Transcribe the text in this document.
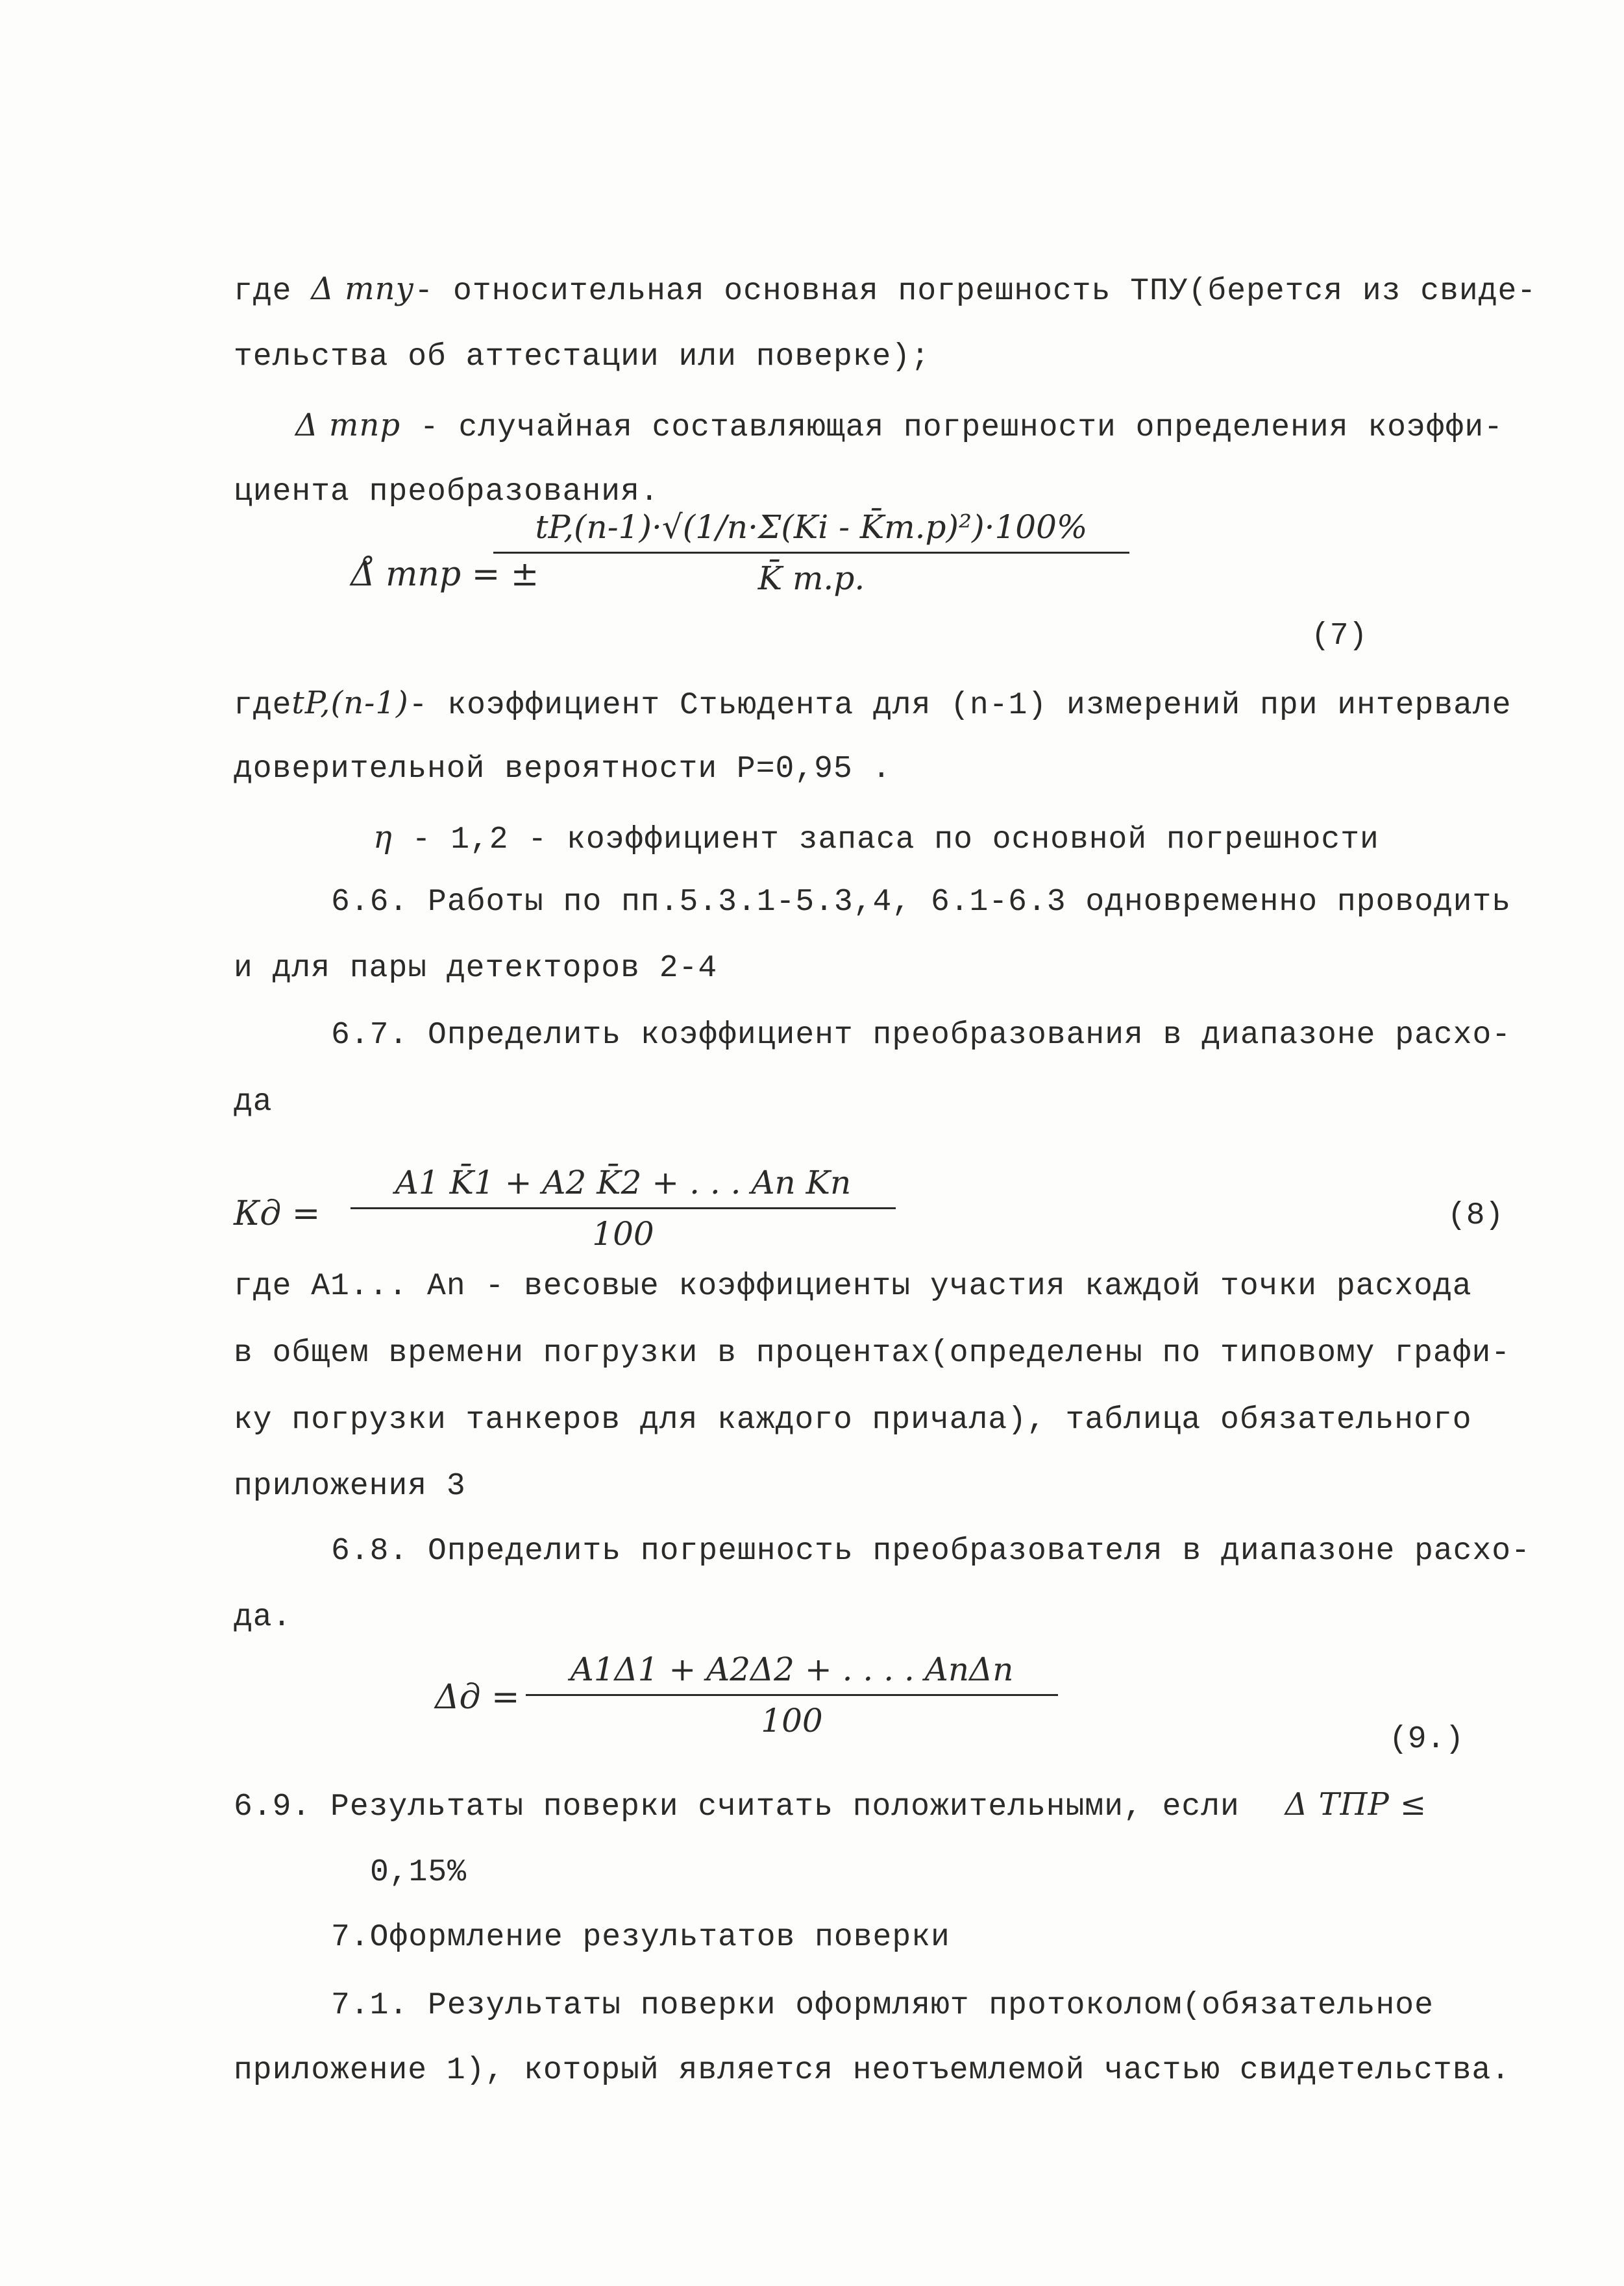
где Δ тпу- относительная основная погрешность ТПУ(берется из свиде-
тельства об аттестации или поверке);
Δ тпр - случайная составляющая погрешности определения коэффи-
циента преобразования.
Δ̊ тпр = ±
tP,(n-1)·√(1/n·Σ(Ki - K̄т.р)²)·100%
K̄ т.р.
(7)
гдеtP,(n-1)- коэффициент Стьюдента для (n-1) измерений при интервале
доверительной вероятности Р=0,95 .
η - 1,2 - коэффициент запаса по основной погрешности
6.6. Работы по пп.5.3.1-5.3,4, 6.1-6.3 одновременно проводить
и для пары детекторов 2-4
6.7. Определить коэффициент преобразования в диапазоне расхо-
да
Кд =
A1 K̄1 + A2 K̄2 + . . . An Kn
100	(8)
где A1... An - весовые коэффициенты участия каждой точки расхода
в общем времени погрузки в процентах(определены по типовому графи-
ку погрузки танкеров для каждого причала), таблица обязательного
приложения 3
6.8. Определить погрешность преобразователя в диапазоне расхо-
да.
Δд =
A1Δ1 + A2Δ2 + . . . . AnΔn
100	(9.)
6.9. Результаты поверки считать положительными, если Δ ТПР ≤
0,15%
7.Оформление результатов поверки
7.1. Результаты поверки оформляют протоколом(обязательное
приложение 1), который является неотъемлемой частью свидетельства.
